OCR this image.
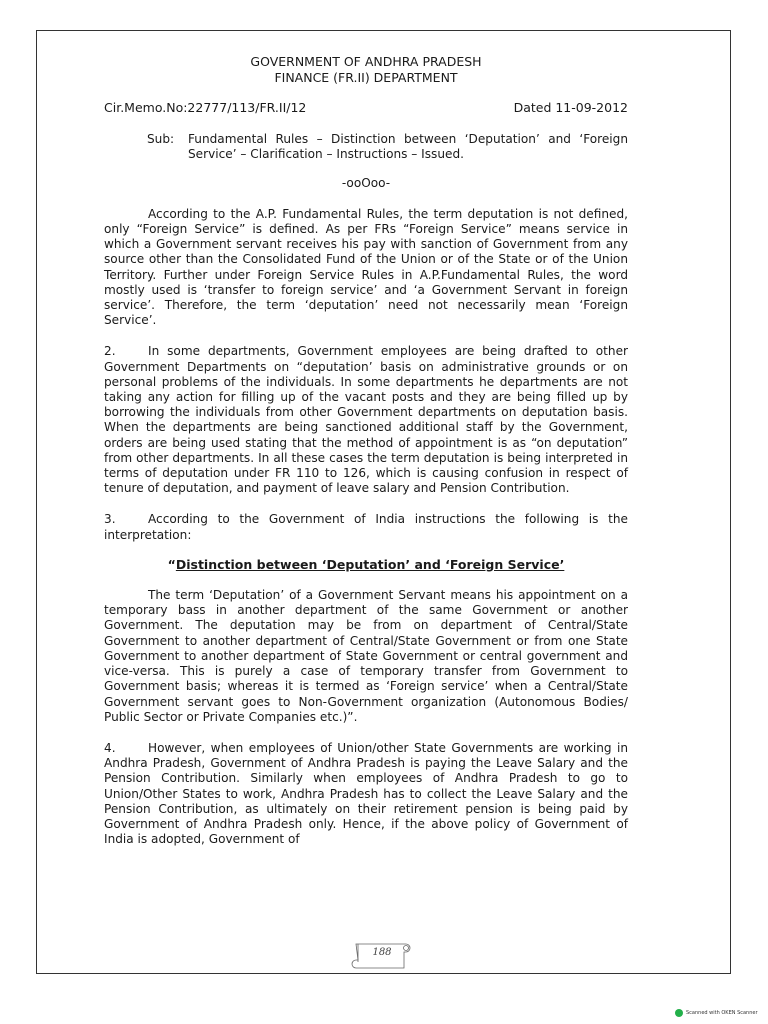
GOVERNMENT OF ANDHRA PRADESH
FINANCE (FR.II) DEPARTMENT
Cir.Memo.No:22777/113/FR.II/12	Dated 11-09-2012
Sub:	Fundamental Rules – Distinction between ‘Deputation’ and ‘Foreign Service’ – Clarification – Instructions – Issued.
-ooOoo-

According to the A.P. Fundamental Rules, the term deputation is not defined, only “Foreign Service” is defined. As per FRs “Foreign Service” means service in which a Government servant receives his pay with sanction of Government from any source other than the Consolidated Fund of the Union or of the State or of the Union Territory. Further under Foreign Service Rules in A.P.Fundamental Rules, the word mostly used is ‘transfer to foreign service’ and ‘a Government Servant in foreign service’. Therefore, the term ‘deputation’ need not necessarily mean ‘Foreign Service’.

2.	In some departments, Government employees are being drafted to other Government Departments on “deputation’ basis on administrative grounds or on personal problems of the individuals. In some departments he departments are not taking any action for filling up of the vacant posts and they are being filled up by borrowing the individuals from other Government departments on deputation basis. When the departments are being sanctioned additional staff by the Government, orders are being used stating that the method of appointment is as “on deputation” from other departments. In all these cases the term deputation is being interpreted in terms of deputation under FR 110 to 126, which is causing confusion in respect of tenure of deputation, and payment of leave salary and Pension Contribution.

3.	According to the Government of India instructions the following is the interpretation:

“Distinction between ‘Deputation’ and ‘Foreign Service’

The term ‘Deputation’ of a Government Servant means his appointment on a temporary bass in another department of the same Government or another Government. The deputation may be from on department of Central/State Government to another department of Central/State Government or from one State Government to another department of State Government or central government and vice-versa. This is purely a case of temporary transfer from Government to Government basis; whereas it is termed as ‘Foreign service’ when a Central/State Government servant goes to Non-Government organization (Autonomous Bodies/ Public Sector or Private Companies etc.)”.

4.	However, when employees of Union/other State Governments are working in Andhra Pradesh, Government of Andhra Pradesh is paying the Leave Salary and the Pension Contribution. Similarly when employees of Andhra Pradesh to go to Union/Other States to work, Andhra Pradesh has to collect the Leave Salary and the Pension Contribution, as ultimately on their retirement pension is being paid by Government of Andhra Pradesh only. Hence, if the above policy of Government of India is adopted, Government of

188
Scanned with OKEN Scanner
